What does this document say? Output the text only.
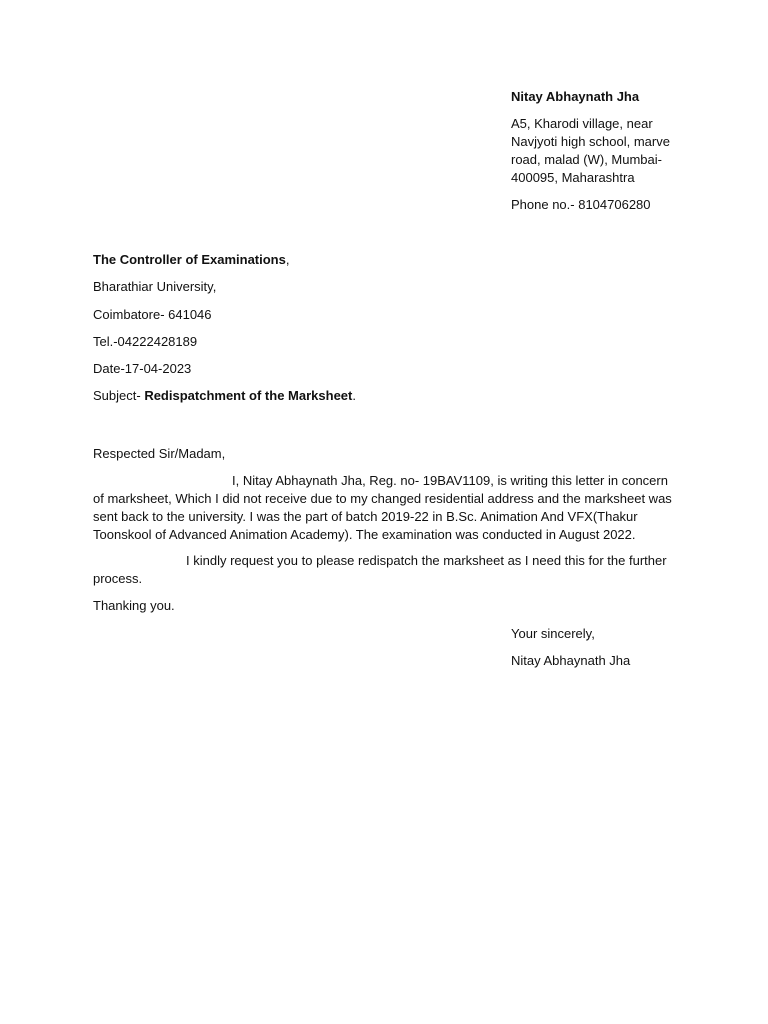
Nitay Abhaynath Jha

A5, Kharodi village, near
Navjyoti high school, marve
road, malad (W), Mumbai-
400095, Maharashtra

Phone no.- 8104706280

The Controller of Examinations,

Bharathiar University,

Coimbatore- 641046

Tel.-04222428189

Date-17-04-2023

Subject- Redispatchment of the Marksheet.

Respected Sir/Madam,

I, Nitay Abhaynath Jha, Reg. no- 19BAV1109, is writing this letter in concern
of marksheet, Which I did not receive due to my changed residential address and the marksheet was
sent back to the university. I was the part of batch 2019-22 in B.Sc. Animation And VFX(Thakur
Toonskool of Advanced Animation Academy). The examination was conducted in August 2022.
I kindly request you to please redispatch the marksheet as I need this for the further
process.

Thanking you.

Your sincerely,

Nitay Abhaynath Jha
